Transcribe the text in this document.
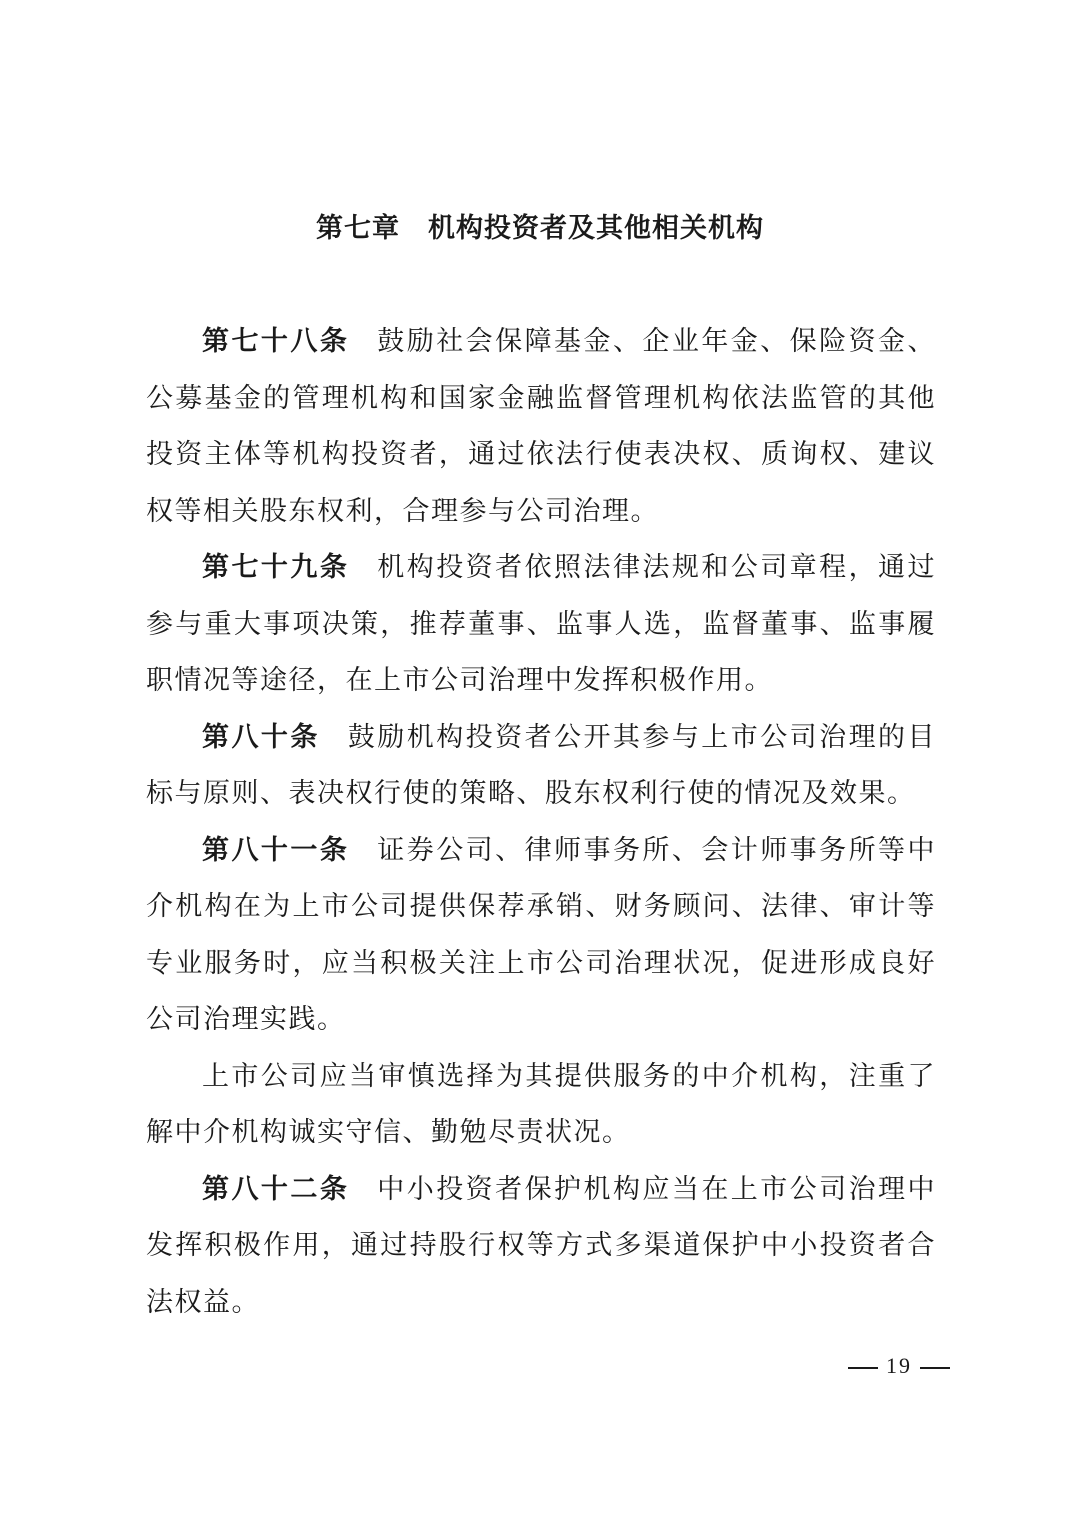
第七章　机构投资者及其他相关机构

第七十八条 鼓励社会保障基金、企业年金、保险资金、公募基金的管理机构和国家金融监督管理机构依法监管的其他投资主体等机构投资者，通过依法行使表决权、质询权、建议权等相关股东权利，合理参与公司治理。

第七十九条 机构投资者依照法律法规和公司章程，通过参与重大事项决策，推荐董事、监事人选，监督董事、监事履职情况等途径，在上市公司治理中发挥积极作用。

第八十条 鼓励机构投资者公开其参与上市公司治理的目标与原则、表决权行使的策略、股东权利行使的情况及效果。

第八十一条 证券公司、律师事务所、会计师事务所等中介机构在为上市公司提供保荐承销、财务顾问、法律、审计等专业服务时，应当积极关注上市公司治理状况，促进形成良好公司治理实践。

上市公司应当审慎选择为其提供服务的中介机构，注重了解中介机构诚实守信、勤勉尽责状况。

第八十二条 中小投资者保护机构应当在上市公司治理中发挥积极作用，通过持股行权等方式多渠道保护中小投资者合法权益。

19
